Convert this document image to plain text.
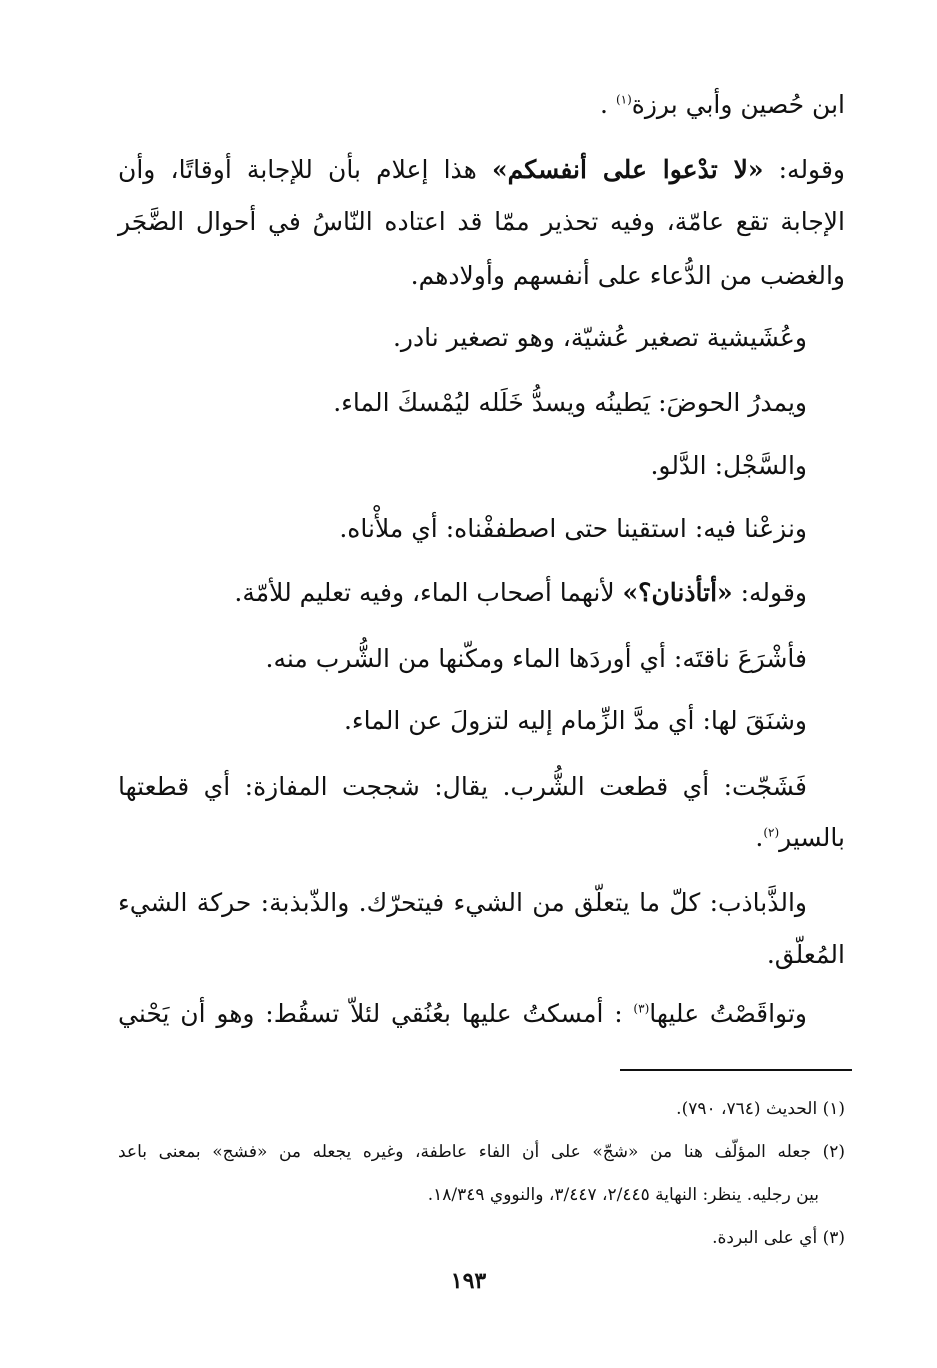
ابن حُصين وأبي برزة$^{(١)}$ .
وقوله: «لا تدْعوا على أنفسكم» هذا إعلام بأن للإجابة أوقاتًا، وأن
الإجابة تقع عامّة، وفيه تحذير ممّا قد اعتاده النّاسُ في أحوال الضَّجَر
والغضب من الدُّعاء على أنفسهم وأولادهم.
وعُشَيشية تصغير عُشيّة، وهو تصغير نادر.
ويمدرُ الحوضَ: يَطينُه ويسدُّ خَلَله ليُمْسكَ الماء.
والسَّجْل: الدَّلو.
ونزعْنا فيه: استقينا حتى اصطففْناه: أي ملأْناه.
وقوله: «أتأذنان؟» لأنهما أصحاب الماء، وفيه تعليم للأمّة.
فأشْرَعَ ناقتَه: أي أوردَها الماء ومكّنها من الشُّرب منه.
وشنَقَ لها: أي مدَّ الزِّمام إليه لتزولَ عن الماء.
فَشَجّت: أي قطعت الشُّرب. يقال: شججت المفازة: أي قطعتها
بالسير$^{(٢)}$.
والذَّباذب: كلّ ما يتعلّق من الشيء فيتحرّك. والذّبذبة: حركة الشيء
المُعلّق.
وتواقَصْتُ عليها$^{(٣)}$ : أمسكتُ عليها بعُنُقي لئلاّ تسقُط: وهو أن يَحْني
(١) الحديث (٧٦٤، ٧٩٠).
(٢) جعله المؤلّف هنا من «شجّ» على أن الفاء عاطفة، وغيره يجعله من «فشج» بمعنى باعد
بين رجليه. ينظر: النهاية ٢/٤٤٥، ٣/٤٤٧، والنووي ١٨/٣٤٩.
(٣) أي على البردة.
١٩٣
